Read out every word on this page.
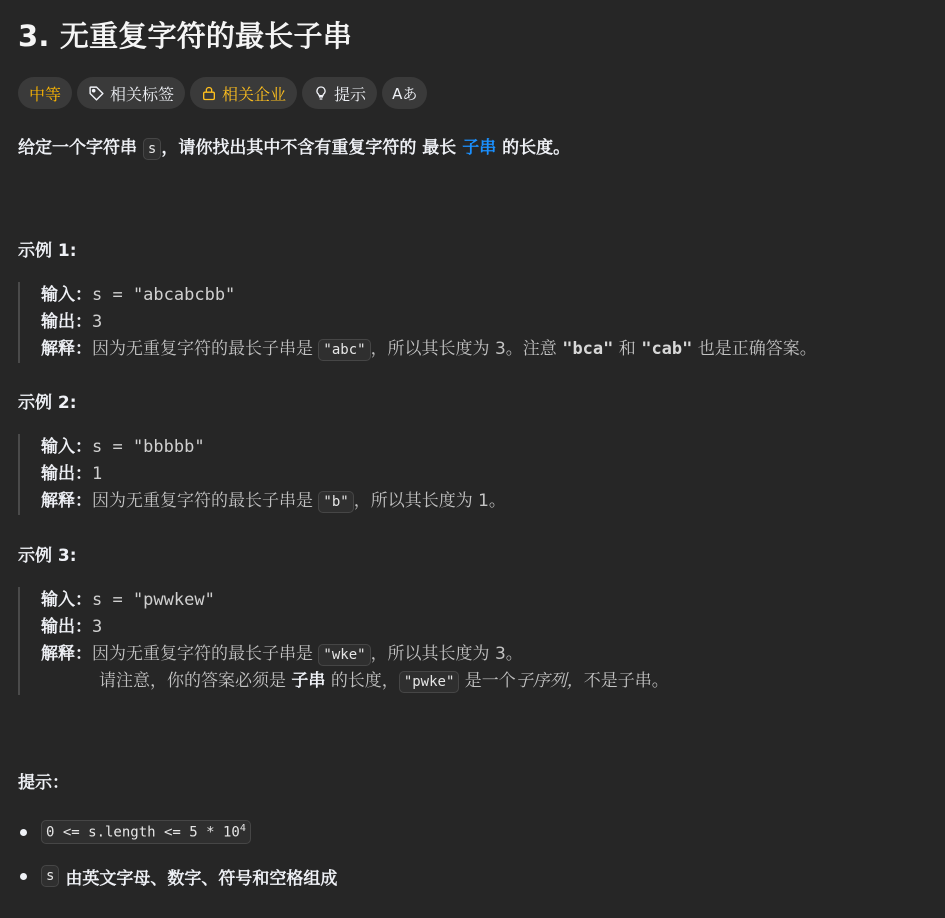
3. 无重复字符的最长子串
中等	相关标签	相关企业	提示 Aあ
给定一个字符串 s ，请你找出其中不含有重复字符的 最长 子串 的长度。
示例 1:
输入：s = "abcabcbb"
输出：3
解释：因为无重复字符的最长子串是 "abc" ，所以其长度为 3。注意 "bca" 和 "cab" 也是正确答案。
示例 2:
输入：s = "bbbbb"
输出：1
解释：因为无重复字符的最长子串是 "b" ，所以其长度为 1。
示例 3:
输入：s = "pwwkew"
输出：3
解释：因为无重复字符的最长子串是 "wke" ，所以其长度为 3。
请注意，你的答案必须是 子串 的长度， "pwke" 是一个子序列，不是子串。
提示：
0 <= s.length <= $5 * 10^4$
s 由英文字母、数字、符号和空格组成
